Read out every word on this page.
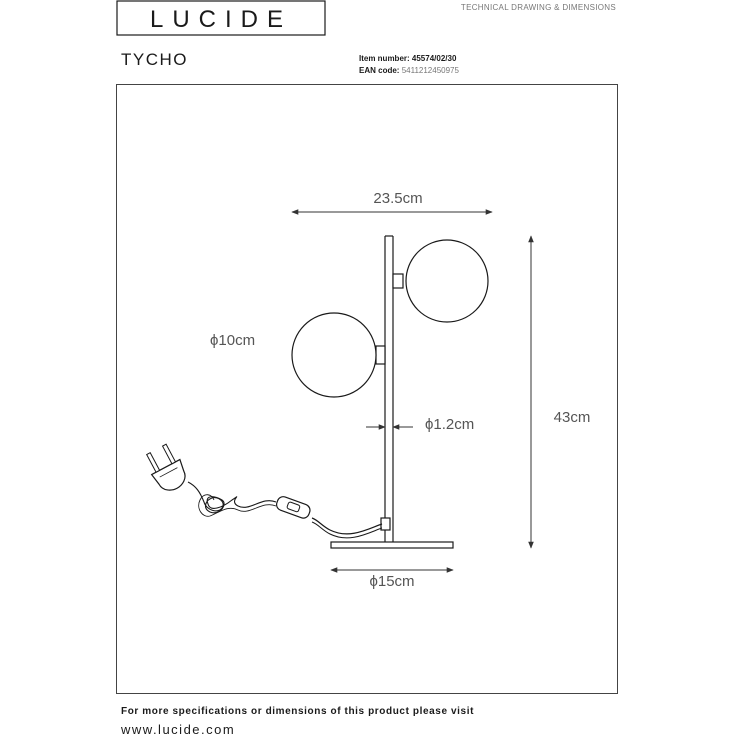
LUCIDE	TECHNICAL DRAWING & DIMENSIONS
TYCHO	Item number: 45574/02/30
EAN code: 5411212450975
23.5cm
43cm
ϕ10cm
ϕ1.2cm
ϕ15cm
For more specifications or dimensions of this product please visit
www.lucide.com
